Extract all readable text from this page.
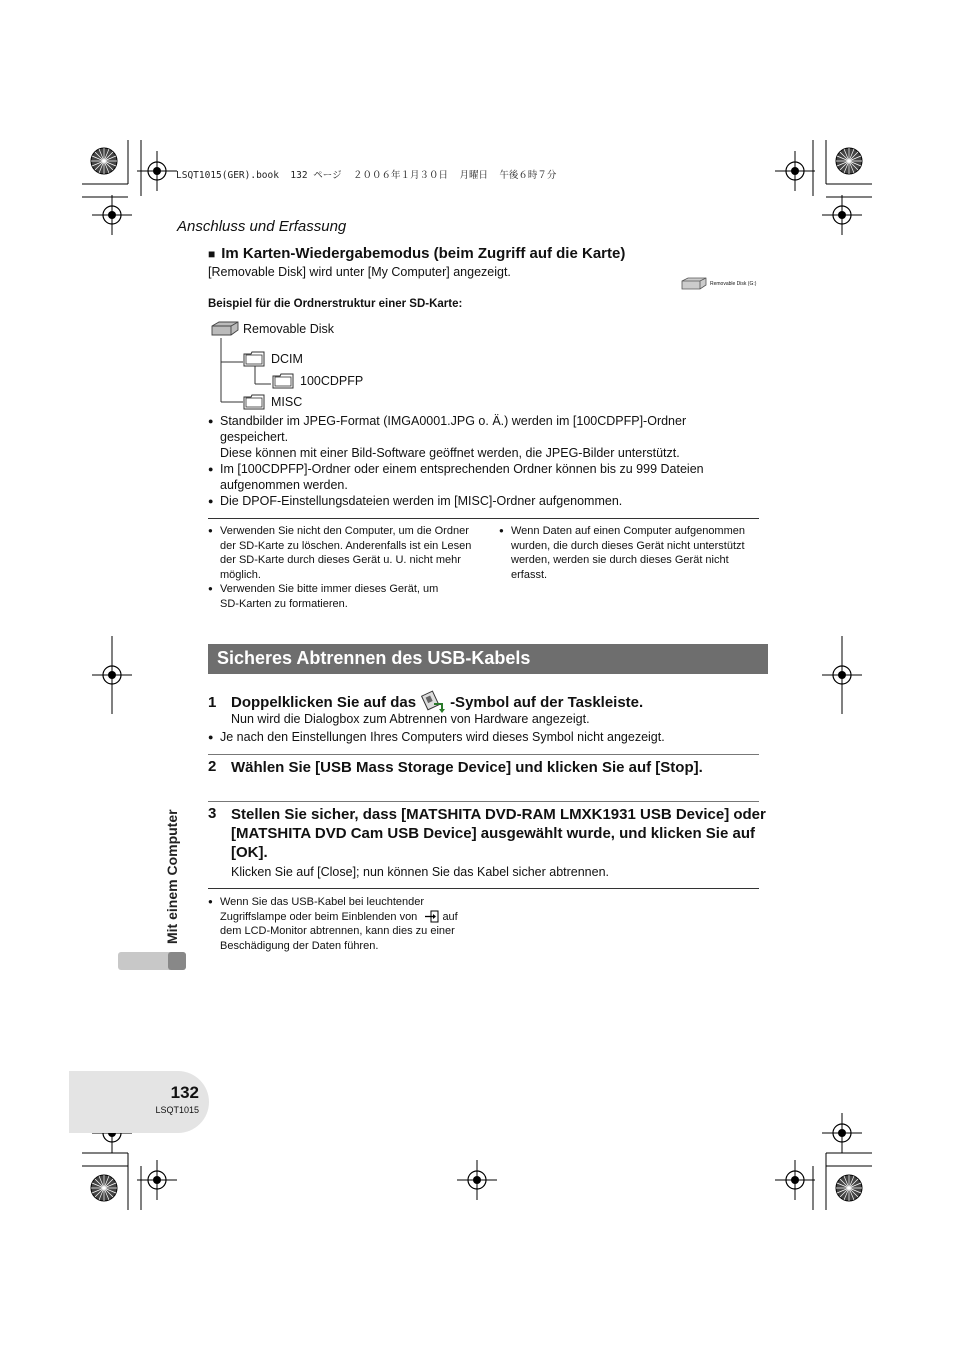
LSQT1015(GER).book  132 ページ  ２００６年１月３０日  月曜日  午後６時７分
Anschluss und Erfassung
■ Im Karten-Wiedergabemodus (beim Zugriff auf die Karte)
[Removable Disk] wird unter [My Computer] angezeigt.
Removable Disk (G:)
Beispiel für die Ordnerstruktur einer SD-Karte:
Removable Disk
DCIM
100CDPFP
MISC
● Standbilder im JPEG-Format (IMGA0001.JPG o. Ä.) werden im [100CDPFP]-Ordner gespeichert.
Diese können mit einer Bild-Software geöffnet werden, die JPEG-Bilder unterstützt.
● Im [100CDPFP]-Ordner oder einem entsprechenden Ordner können bis zu 999 Dateien aufgenommen werden.
● Die DPOF-Einstellungsdateien werden im [MISC]-Ordner aufgenommen.
● Verwenden Sie nicht den Computer, um die Ordner der SD-Karte zu löschen. Anderenfalls ist ein Lesen der SD-Karte durch dieses Gerät u. U. nicht mehr möglich.
● Verwenden Sie bitte immer dieses Gerät, um SD-Karten zu formatieren.
● Wenn Daten auf einen Computer aufgenommen wurden, die durch dieses Gerät nicht unterstützt werden, werden sie durch dieses Gerät nicht erfasst.
Sicheres Abtrennen des USB-Kabels
1 Doppelklicken Sie auf das -Symbol auf der Taskleiste.
Nun wird die Dialogbox zum Abtrennen von Hardware angezeigt.
● Je nach den Einstellungen Ihres Computers wird dieses Symbol nicht angezeigt.
2 Wählen Sie [USB Mass Storage Device] und klicken Sie auf [Stop].
3 Stellen Sie sicher, dass [MATSHITA DVD-RAM LMXK1931 USB Device] oder [MATSHITA DVD Cam USB Device] ausgewählt wurde, und klicken Sie auf [OK].
Klicken Sie auf [Close]; nun können Sie das Kabel sicher abtrennen.
● Wenn Sie das USB-Kabel bei leuchtender Zugriffslampe oder beim Einblenden von auf dem LCD-Monitor abtrennen, kann dies zu einer Beschädigung der Daten führen.
Mit einem Computer
132
LSQT1015
